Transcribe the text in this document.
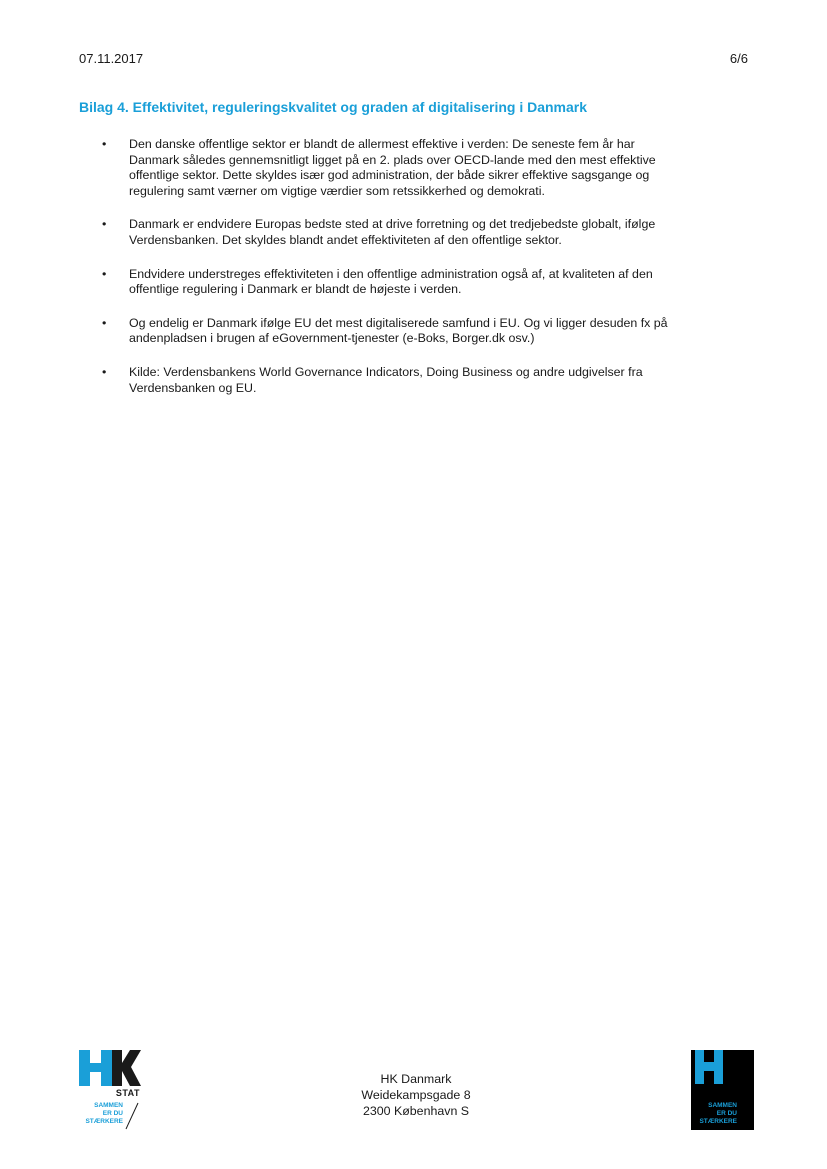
07.11.2017	6/6
Bilag 4. Effektivitet, reguleringskvalitet og graden af digitalisering i Danmark
• Den danske offentlige sektor er blandt de allermest effektive i verden: De seneste fem år har
Danmark således gennemsnitligt ligget på en 2. plads over OECD-lande med den mest effektive
offentlige sektor. Dette skyldes især god administration, der både sikrer effektive sagsgange og
regulering samt værner om vigtige værdier som retssikkerhed og demokrati.
• Danmark er endvidere Europas bedste sted at drive forretning og det tredjebedste globalt, ifølge
Verdensbanken. Det skyldes blandt andet effektiviteten af den offentlige sektor.
• Endvidere understreges effektiviteten i den offentlige administration også af, at kvaliteten af den
offentlige regulering i Danmark er blandt de højeste i verden.
• Og endelig er Danmark ifølge EU det mest digitaliserede samfund i EU. Og vi ligger desuden fx på
andenpladsen i brugen af eGovernment-tjenester (e-Boks, Borger.dk osv.)
• Kilde: Verdensbankens World Governance Indicators, Doing Business og andre udgivelser fra
Verdensbanken og EU.
STAT
SAMMEN
ER DU
STÆRKERE
HK Danmark
Weidekampsgade 8
2300 København S	SAMMEN
ER DU
STÆRKERE
